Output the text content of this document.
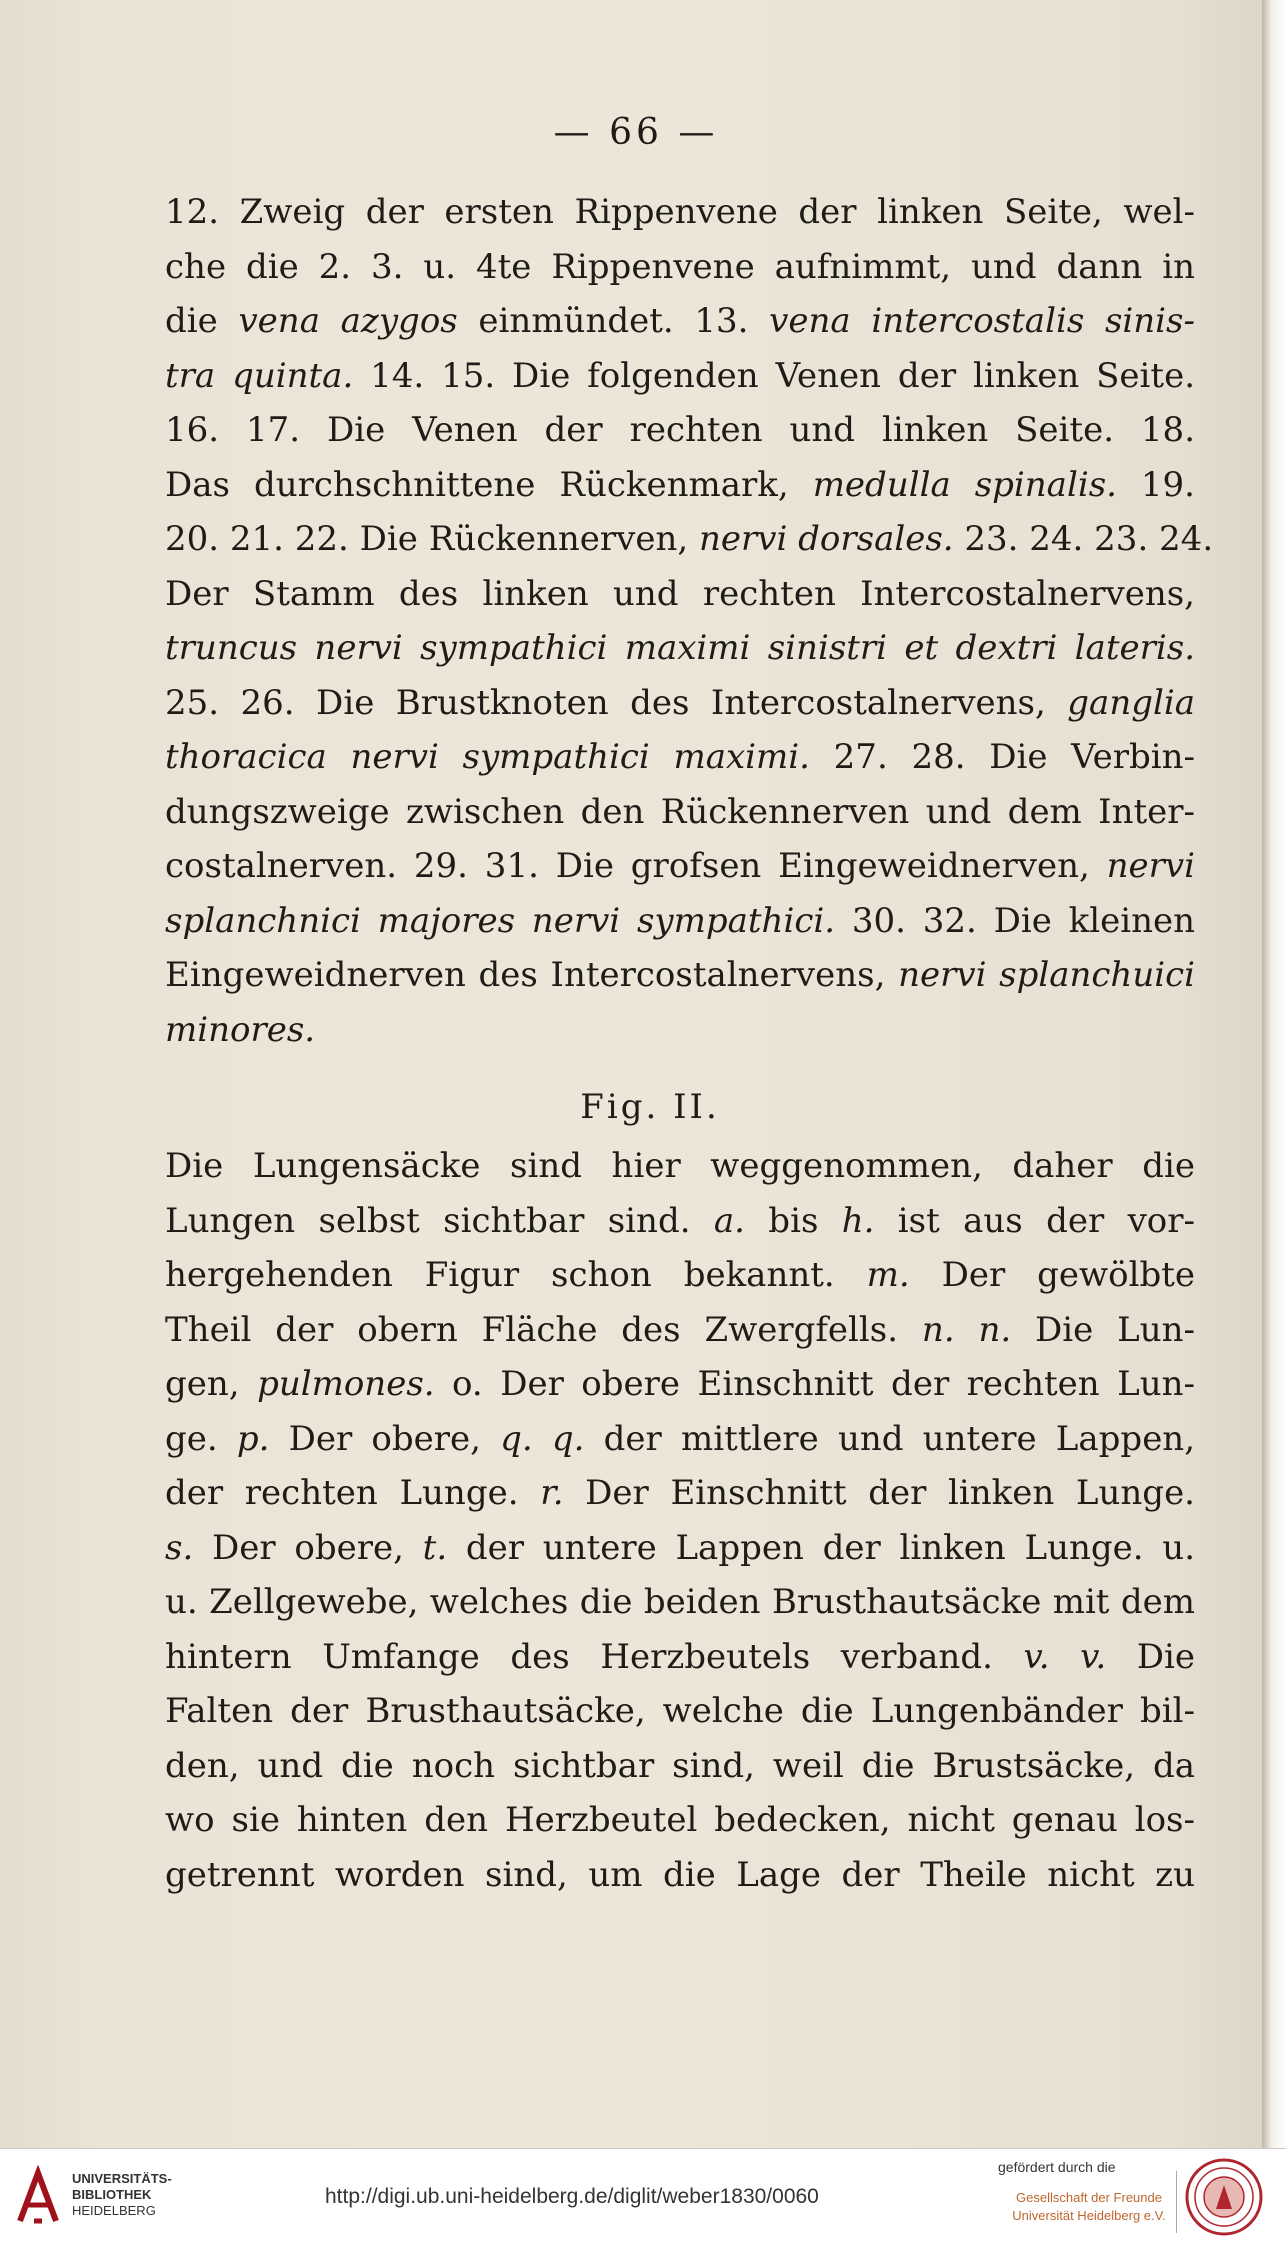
— 66 —
12. Zweig der ersten Rippenvene der linken Seite, wel-
che die 2. 3. u. 4te Rippenvene aufnimmt, und dann in
die vena azygos einmündet. 13. vena intercostalis sinis-
tra quinta. 14. 15. Die folgenden Venen der linken Seite.
16. 17. Die Venen der rechten und linken Seite. 18.
Das durchschnittene Rückenmark, medulla spinalis. 19.
20. 21. 22. Die Rückennerven, nervi dorsales. 23. 24. 23. 24.
Der Stamm des linken und rechten Intercostalnervens,
truncus nervi sympathici maximi sinistri et dextri lateris.
25. 26. Die Brustknoten des Intercostalnervens, ganglia
thoracica nervi sympathici maximi. 27. 28. Die Verbin-
dungszweige zwischen den Rückennerven und dem Inter-
costalnerven. 29. 31. Die grofsen Eingeweidnerven, nervi
splanchnici majores nervi sympathici. 30. 32. Die kleinen
Eingeweidnerven des Intercostalnervens, nervi splanchuici
minores.
Fig. II.
Die Lungensäcke sind hier weggenommen, daher die
Lungen selbst sichtbar sind. a. bis h. ist aus der vor-
hergehenden Figur schon bekannt. m. Der gewölbte
Theil der obern Fläche des Zwergfells. n. n. Die Lun-
gen, pulmones. o. Der obere Einschnitt der rechten Lun-
ge. p. Der obere, q. q. der mittlere und untere Lappen,
der rechten Lunge. r. Der Einschnitt der linken Lunge.
s. Der obere, t. der untere Lappen der linken Lunge. u.
u. Zellgewebe, welches die beiden Brusthautsäcke mit dem
hintern Umfange des Herzbeutels verband. v. v. Die
Falten der Brusthautsäcke, welche die Lungenbänder bil-
den, und die noch sichtbar sind, weil die Brustsäcke, da
wo sie hinten den Herzbeutel bedecken, nicht genau los-
getrennt worden sind, um die Lage der Theile nicht zu
UNIVERSITÄTS-
BIBLIOTHEK
HEIDELBERG
http://digi.ub.uni-heidelberg.de/diglit/weber1830/0060
gefördert durch die
Gesellschaft der Freunde
Universität Heidelberg e.V.
